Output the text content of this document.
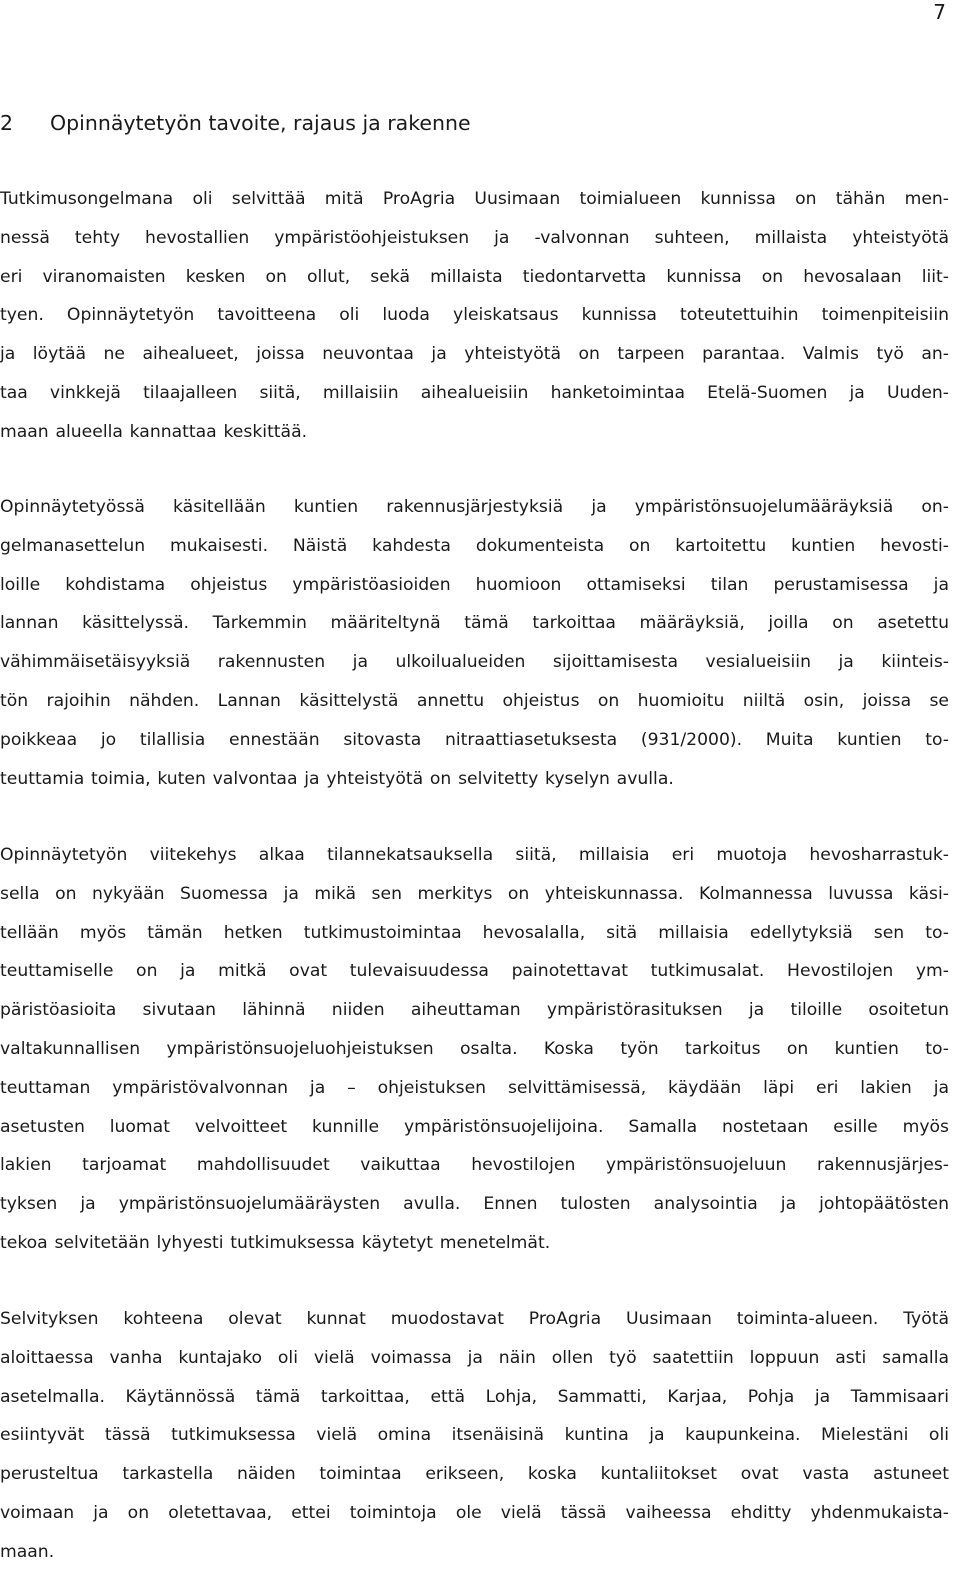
7
2 Opinnäytetyön tavoite, rajaus ja rakenne
Tutkimusongelmana oli selvittää mitä ProAgria Uusimaan toimialueen kunnissa on tähän men-
nessä tehty hevostallien ympäristöohjeistuksen ja -valvonnan suhteen, millaista yhteistyötä
eri viranomaisten kesken on ollut, sekä millaista tiedontarvetta kunnissa on hevosalaan liit-
tyen. Opinnäytetyön tavoitteena oli luoda yleiskatsaus kunnissa toteutettuihin toimenpiteisiin
ja löytää ne aihealueet, joissa neuvontaa ja yhteistyötä on tarpeen parantaa. Valmis työ an-
taa vinkkejä tilaajalleen siitä, millaisiin aihealueisiin hanketoimintaa Etelä-Suomen ja Uuden-
maan alueella kannattaa keskittää.
Opinnäytetyössä käsitellään kuntien rakennusjärjestyksiä ja ympäristönsuojelumääräyksiä on-
gelmanasettelun mukaisesti. Näistä kahdesta dokumenteista on kartoitettu kuntien hevosti-
loille kohdistama ohjeistus ympäristöasioiden huomioon ottamiseksi tilan perustamisessa ja
lannan käsittelyssä. Tarkemmin määriteltynä tämä tarkoittaa määräyksiä, joilla on asetettu
vähimmäisetäisyyksiä rakennusten ja ulkoilualueiden sijoittamisesta vesialueisiin ja kiinteis-
tön rajoihin nähden. Lannan käsittelystä annettu ohjeistus on huomioitu niiltä osin, joissa se
poikkeaa jo tilallisia ennestään sitovasta nitraattiasetuksesta (931/2000). Muita kuntien to-
teuttamia toimia, kuten valvontaa ja yhteistyötä on selvitetty kyselyn avulla.
Opinnäytetyön viitekehys alkaa tilannekatsauksella siitä, millaisia eri muotoja hevosharrastuk-
sella on nykyään Suomessa ja mikä sen merkitys on yhteiskunnassa. Kolmannessa luvussa käsi-
tellään myös tämän hetken tutkimustoimintaa hevosalalla, sitä millaisia edellytyksiä sen to-
teuttamiselle on ja mitkä ovat tulevaisuudessa painotettavat tutkimusalat. Hevostilojen ym-
päristöasioita sivutaan lähinnä niiden aiheuttaman ympäristörasituksen ja tiloille osoitetun
valtakunnallisen ympäristönsuojeluohjeistuksen osalta. Koska työn tarkoitus on kuntien to-
teuttaman ympäristövalvonnan ja – ohjeistuksen selvittämisessä, käydään läpi eri lakien ja
asetusten luomat velvoitteet kunnille ympäristönsuojelijoina. Samalla nostetaan esille myös
lakien tarjoamat mahdollisuudet vaikuttaa hevostilojen ympäristönsuojeluun rakennusjärjes-
tyksen ja ympäristönsuojelumääräysten avulla. Ennen tulosten analysointia ja johtopäätösten
tekoa selvitetään lyhyesti tutkimuksessa käytetyt menetelmät.
Selvityksen kohteena olevat kunnat muodostavat ProAgria Uusimaan toiminta-alueen. Työtä
aloittaessa vanha kuntajako oli vielä voimassa ja näin ollen työ saatettiin loppuun asti samalla
asetelmalla. Käytännössä tämä tarkoittaa, että Lohja, Sammatti, Karjaa, Pohja ja Tammisaari
esiintyvät tässä tutkimuksessa vielä omina itsenäisinä kuntina ja kaupunkeina. Mielestäni oli
perusteltua tarkastella näiden toimintaa erikseen, koska kuntaliitokset ovat vasta astuneet
voimaan ja on oletettavaa, ettei toimintoja ole vielä tässä vaiheessa ehditty yhdenmukaista-
maan.
